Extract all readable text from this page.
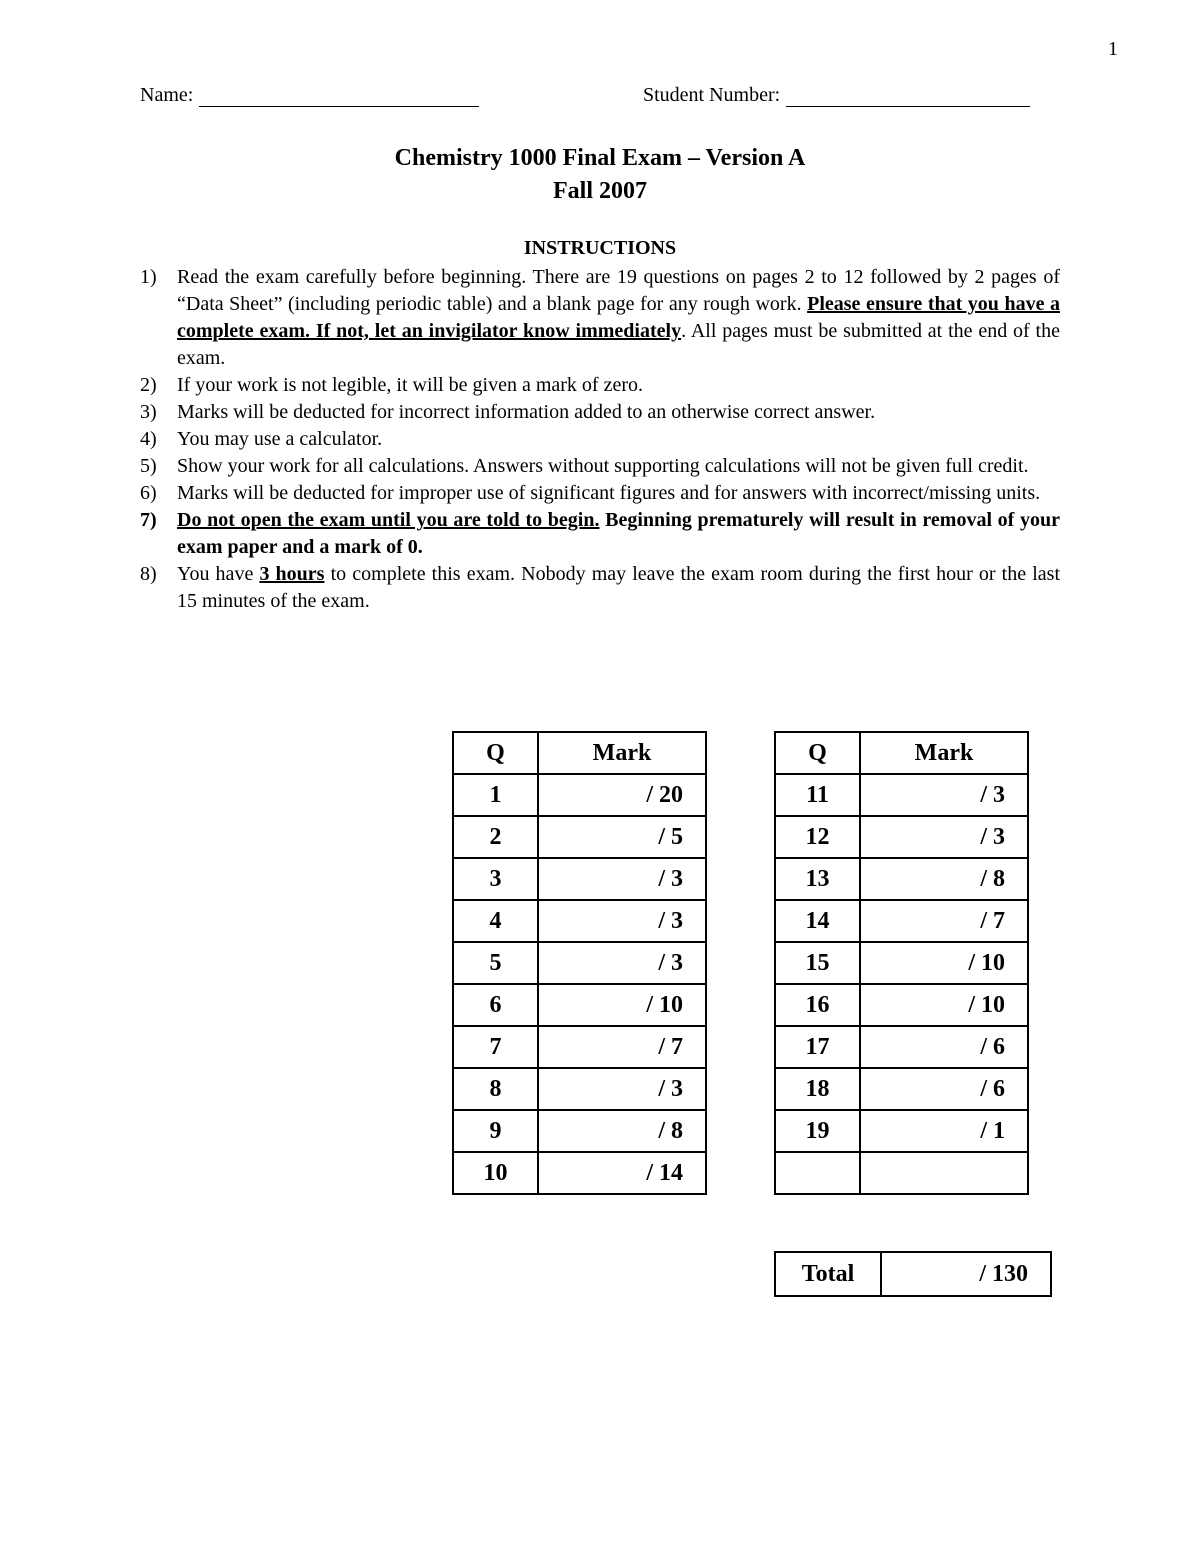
1
Name:	Student Number:
Chemistry 1000 Final Exam – Version A
Fall 2007
INSTRUCTIONS
1)	Read the exam carefully before beginning. There are 19 questions on pages 2 to 12 followed by 2 pages of “Data Sheet” (including periodic table) and a blank page for any rough work. Please ensure that you have a complete exam. If not, let an invigilator know immediately. All pages must be submitted at the end of the exam.
2)	If your work is not legible, it will be given a mark of zero.
3)	Marks will be deducted for incorrect information added to an otherwise correct answer.
4)	You may use a calculator.
5)	Show your work for all calculations. Answers without supporting calculations will not be given full credit.
6)	Marks will be deducted for improper use of significant figures and for answers with incorrect/missing units.
7)	Do not open the exam until you are told to begin. Beginning prematurely will result in removal of your exam paper and a mark of 0.
8)	You have 3 hours to complete this exam. Nobody may leave the exam room during the first hour or the last 15 minutes of the exam.
Q	Mark
1	/ 20
2	/ 5
3	/ 3
4	/ 3
5	/ 3
6	/ 10
7	/ 7
8	/ 3
9	/ 8
10	/ 14
Q	Mark
11	/ 3
12	/ 3
13	/ 8
14	/ 7
15	/ 10
16	/ 10
17	/ 6
18	/ 6
19	/ 1

Total	/ 130
